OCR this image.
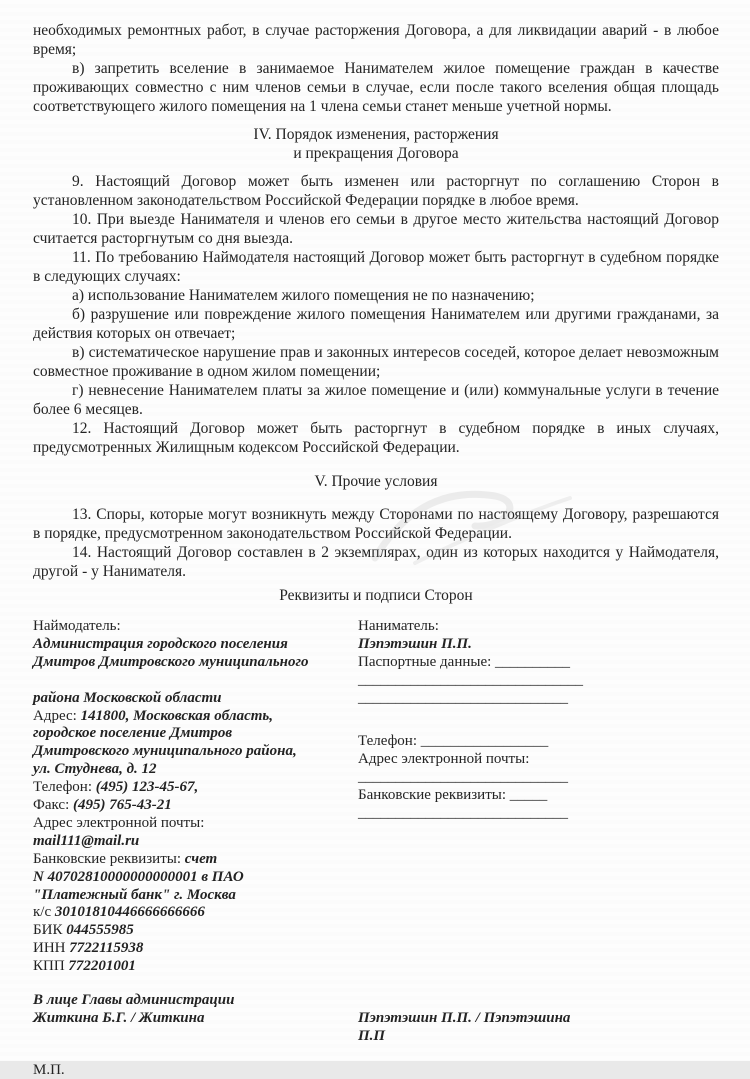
необходимых ремонтных работ, в случае расторжения Договора, а для ликвидации аварий - в любое время;

в) запретить вселение в занимаемое Нанимателем жилое помещение граждан в качестве проживающих совместно с ним членов семьи в случае, если после такого вселения общая площадь соответствующего жилого помещения на 1 члена семьи станет меньше учетной нормы.

IV. Порядок изменения, расторжения
и прекращения Договора

9. Настоящий Договор может быть изменен или расторгнут по соглашению Сторон в установленном законодательством Российской Федерации порядке в любое время.

10. При выезде Нанимателя и членов его семьи в другое место жительства настоящий Договор считается расторгнутым со дня выезда.

11. По требованию Наймодателя настоящий Договор может быть расторгнут в судебном порядке в следующих случаях:

а) использование Нанимателем жилого помещения не по назначению;

б) разрушение или повреждение жилого помещения Нанимателем или другими гражданами, за действия которых он отвечает;

в) систематическое нарушение прав и законных интересов соседей, которое делает невозможным совместное проживание в одном жилом помещении;

г) невнесение Нанимателем платы за жилое помещение и (или) коммунальные услуги в течение более 6 месяцев.

12. Настоящий Договор может быть расторгнут в судебном порядке в иных случаях, предусмотренных Жилищным кодексом Российской Федерации.

V. Прочие условия

13. Споры, которые могут возникнуть между Сторонами по настоящему Договору, разрешаются в порядке, предусмотренном законодательством Российской Федерации.

14. Настоящий Договор составлен в 2 экземплярах, один из которых находится у Наймодателя, другой - у Нанимателя.

Реквизиты и подписи Сторон
Наймодатель:
Администрация городского поселения
Дмитров Дмитровского муниципального
района Московской области
Адрес: 141800, Московская область,
городское поселение Дмитров
Дмитровского муниципального района,
ул. Студнева, д. 12
Телефон: (495) 123-45-67,
Факс: (495) 765-43-21
Адрес электронной почты:
mail111@mail.ru
Банковские реквизиты: счет
N 40702810000000000001 в ПАО
"Платежный банк" г. Москва
к/с 30101810446666666666
БИК 044555985
ИНН 7722115938
КПП 772201001
Наниматель:
Пэпэтэшин П.П.
Паспортные данные: __________
______________________________
____________________________
Телефон: _________________
Адрес электронной почты:
____________________________
Банковские реквизиты: _____
____________________________
В лице Главы администрации
Житкина Б.Г. / Житкина	Пэпэтэшин П.П. / Пэпэтэшина
П.П
М.П.
